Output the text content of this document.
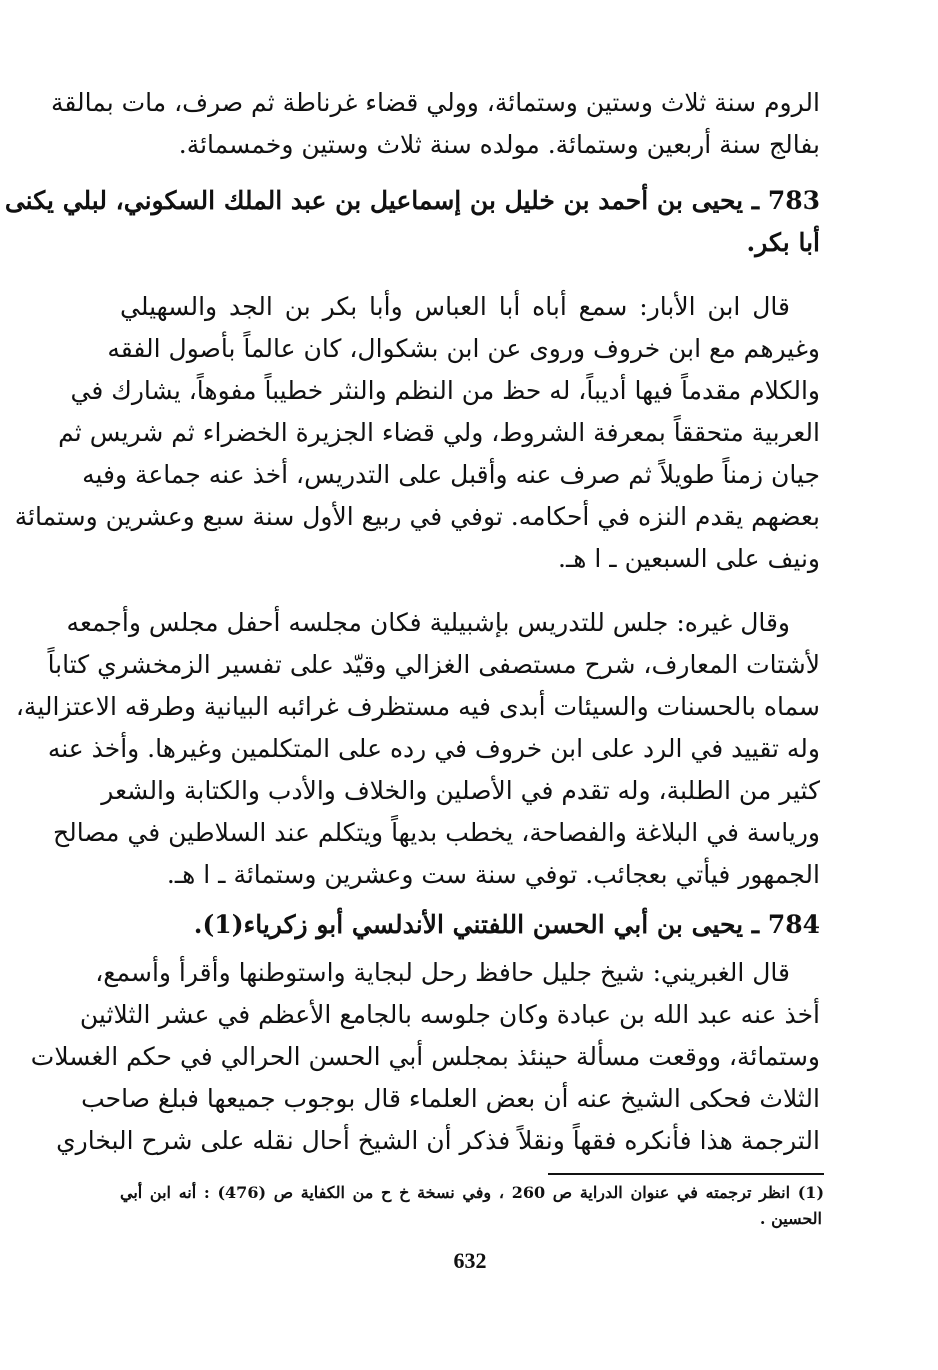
الروم سنة ثلاث وستين وستمائة، وولي قضاء غرناطة ثم صرف، مات بمالقة
بفالج سنة أربعين وستمائة. مولده سنة ثلاث وستين وخمسمائة.
783 ـ يحيى بن أحمد بن خليل بن إسماعيل بن عبد الملك السكوني، لبلي يكنى
أبا بكر.
قال ابن الأبار: سمع أباه أبا العباس وأبا بكر بن الجد والسهيلي
وغيرهم مع ابن خروف وروى عن ابن بشكوال، كان عالماً بأصول الفقه
والكلام مقدماً فيها أديباً، له حظ من النظم والنثر خطيباً مفوهاً، يشارك في
العربية متحققاً بمعرفة الشروط، ولي قضاء الجزيرة الخضراء ثم شريس ثم
جيان زمناً طويلاً ثم صرف عنه وأقبل على التدريس، أخذ عنه جماعة وفيه
بعضهم يقدم النزه في أحكامه. توفي في ربيع الأول سنة سبع وعشرين وستمائة
ونيف على السبعين ـ ا هـ.
وقال غيره: جلس للتدريس بإشبيلية فكان مجلسه أحفل مجلس وأجمعه
لأشتات المعارف، شرح مستصفى الغزالي وقيّد على تفسير الزمخشري كتاباً
سماه بالحسنات والسيئات أبدى فيه مستظرف غرائبه البيانية وطرقه الاعتزالية،
وله تقييد في الرد على ابن خروف في رده على المتكلمين وغيرها. وأخذ عنه
كثير من الطلبة، وله تقدم في الأصلين والخلاف والأدب والكتابة والشعر
ورياسة في البلاغة والفصاحة، يخطب بديهاً ويتكلم عند السلاطين في مصالح
الجمهور فيأتي بعجائب. توفي سنة ست وعشرين وستمائة ـ ا هـ.
784 ـ يحيى بن أبي الحسن اللفتني الأندلسي أبو زكرياء(1).
قال الغبريني: شيخ جليل حافظ رحل لبجاية واستوطنها وأقرأ وأسمع،
أخذ عنه عبد الله بن عبادة وكان جلوسه بالجامع الأعظم في عشر الثلاثين
وستمائة، ووقعت مسألة حينئذ بمجلس أبي الحسن الحرالي في حكم الغسلات
الثلاث فحكى الشيخ عنه أن بعض العلماء قال بوجوب جميعها فبلغ صاحب
الترجمة هذا فأنكره فقهاً ونقلاً فذكر أن الشيخ أحال نقله على شرح البخاري
(1) انظر ترجمته في عنوان الدراية ص 260 ، وفي نسخة خ ح من الكفاية ص (476) : أنه ابن أبي
الحسين .
632
